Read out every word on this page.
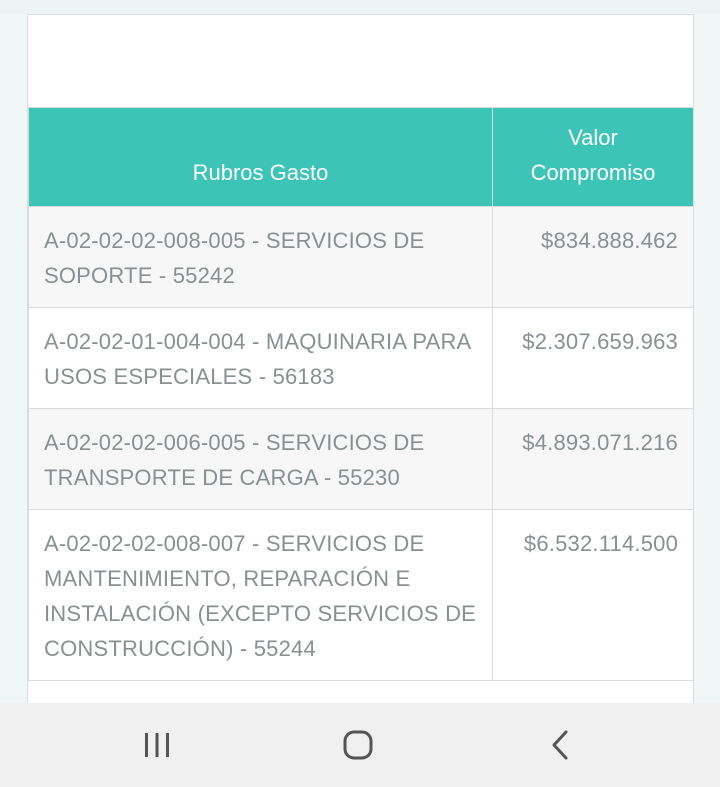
Rubros Gasto	Valor Compromiso
A-02-02-02-008-005 - SERVICIOS DE SOPORTE - 55242	$834.888.462
A-02-02-01-004-004 - MAQUINARIA PARA USOS ESPECIALES - 56183	$2.307.659.963
A-02-02-02-006-005 - SERVICIOS DE TRANSPORTE DE CARGA - 55230	$4.893.071.216
A-02-02-02-008-007 - SERVICIOS DE MANTENIMIENTO, REPARACIÓN E INSTALACIÓN (EXCEPTO SERVICIOS DE CONSTRUCCIÓN) - 55244	$6.532.114.500
